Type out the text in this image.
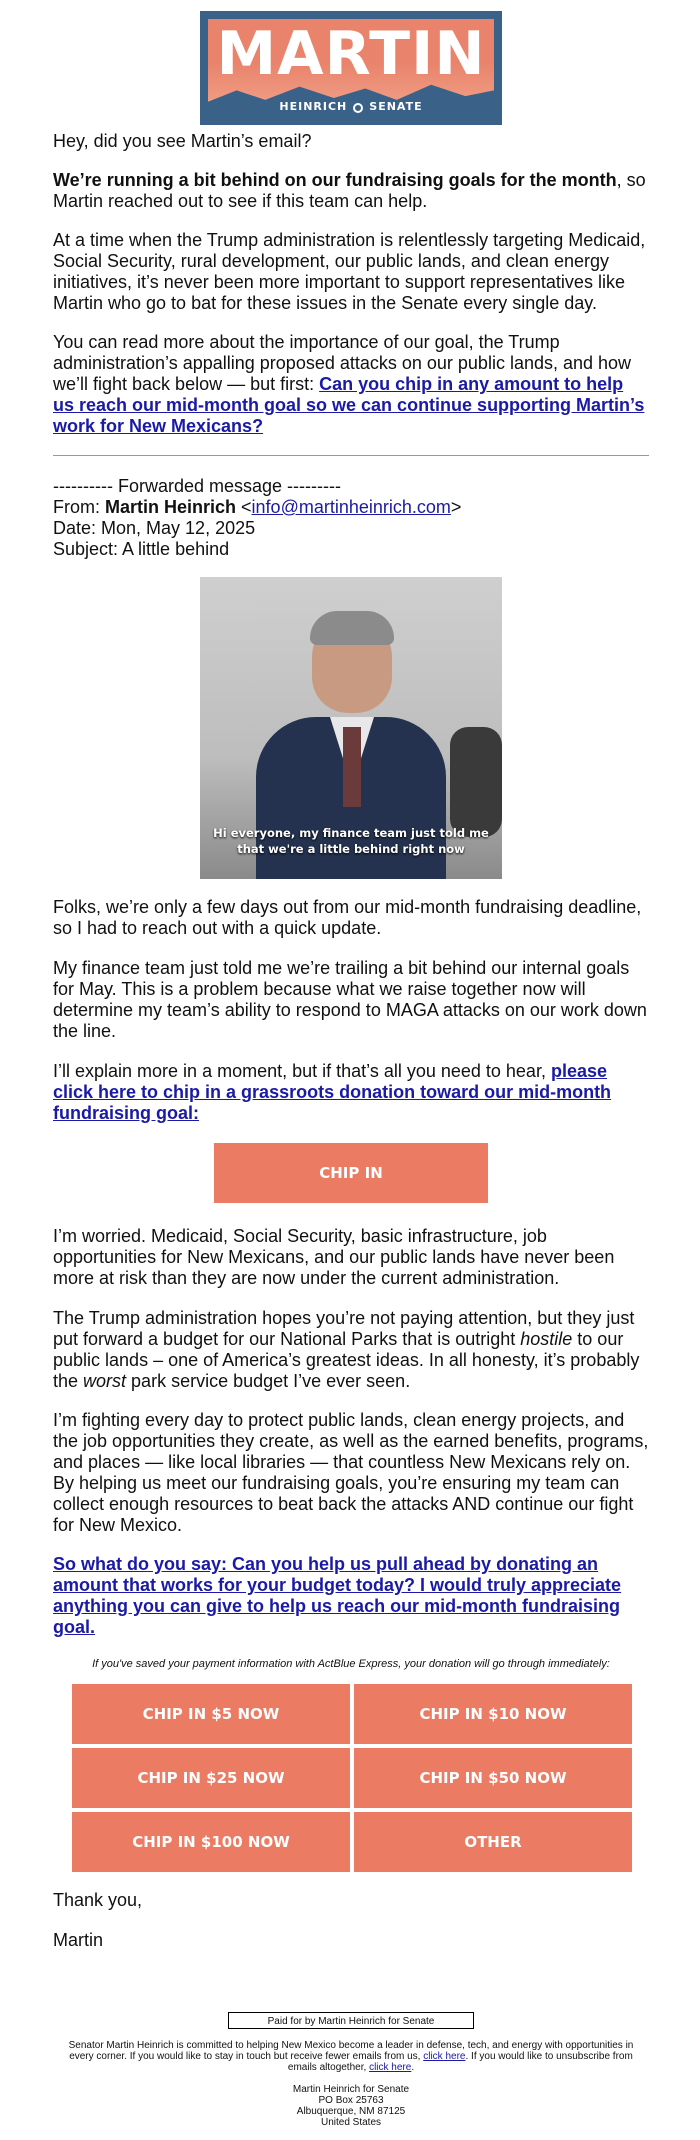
MARTIN
HEINRICH SENATE

Hey, did you see Martin’s email?

We’re running a bit behind on our fundraising goals for the month, so Martin reached out to see if this team can help.

At a time when the Trump administration is relentlessly targeting Medicaid, Social Security, rural development, our public lands, and clean energy initiatives, it’s never been more important to support representatives like Martin who go to bat for these issues in the Senate every single day.

You can read more about the importance of our goal, the Trump administration’s appalling proposed attacks on our public lands, and how we’ll fight back below — but first: Can you chip in any amount to help us reach our mid-month goal so we can continue supporting Martin’s work for New Mexicans?

---------- Forwarded message ---------

From: Martin Heinrich <info@martinheinrich.com>

Date: Mon, May 12, 2025

Subject: A little behind

Hi everyone, my finance team just told me
that we're a little behind right now

Folks, we’re only a few days out from our mid-month fundraising deadline, so I had to reach out with a quick update.

My finance team just told me we’re trailing a bit behind our internal goals for May. This is a problem because what we raise together now will determine my team’s ability to respond to MAGA attacks on our work down the line.

I’ll explain more in a moment, but if that’s all you need to hear, please click here to chip in a grassroots donation toward our mid-month fundraising goal:

CHIP IN

I’m worried. Medicaid, Social Security, basic infrastructure, job opportunities for New Mexicans, and our public lands have never been more at risk than they are now under the current administration.

The Trump administration hopes you’re not paying attention, but they just put forward a budget for our National Parks that is outright hostile to our public lands – one of America’s greatest ideas. In all honesty, it’s probably the worst park service budget I’ve ever seen.

I’m fighting every day to protect public lands, clean energy projects, and the job opportunities they create, as well as the earned benefits, programs, and places — like local libraries — that countless New Mexicans rely on. By helping us meet our fundraising goals, you’re ensuring my team can collect enough resources to beat back the attacks AND continue our fight for New Mexico.

So what do you say: Can you help us pull ahead by donating an amount that works for your budget today? I would truly appreciate anything you can give to help us reach our mid-month fundraising goal.

If you've saved your payment information with ActBlue Express, your donation will go through immediately:
CHIP IN $5 NOW	CHIP IN $10 NOW
CHIP IN $25 NOW	CHIP IN $50 NOW
CHIP IN $100 NOW	OTHER

Thank you,

Martin

Paid for by Martin Heinrich for Senate
Senator Martin Heinrich is committed to helping New Mexico become a leader in defense, tech, and energy with opportunities in every corner. If you would like to stay in touch but receive fewer emails from us, click here. If you would like to unsubscribe from emails altogether, click here.
Martin Heinrich for Senate
PO Box 25763
Albuquerque, NM 87125
United States
